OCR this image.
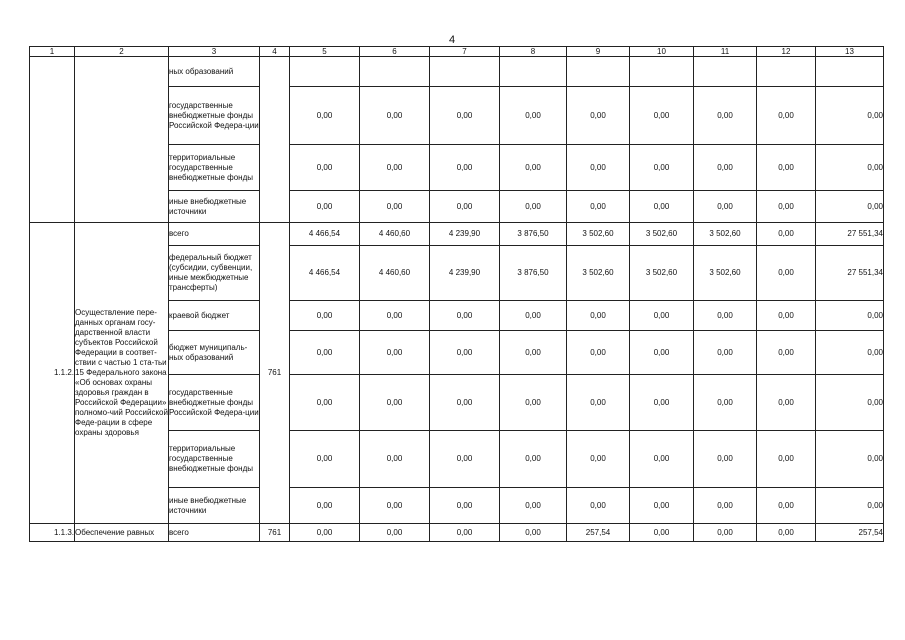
4
1	2	3	4	5	6	7	8	9	10	11	12	13
		ных образований										
		государственные внебюджетные фонды Российской Федера-ции		0,00	0,00	0,00	0,00	0,00	0,00	0,00	0,00	0,00
		территориальные государственные внебюджетные фонды		0,00	0,00	0,00	0,00	0,00	0,00	0,00	0,00	0,00
		иные внебюджетные источники		0,00	0,00	0,00	0,00	0,00	0,00	0,00	0,00	0,00
1.1.2.	Осуществление пере-данных органам госу-дарственной власти субъектов Российской Федерации в соответ-ствии с частью 1 ста-тьи 15 Федерального закона «Об основах охраны здоровья граждан в Российской Федерации» полномо-чий Российской Феде-рации в сфере охраны здоровья	всего	761	4 466,54	4 460,60	4 239,90	3 876,50	3 502,60	3 502,60	3 502,60	0,00	27 551,34
		федеральный бюджет (субсидии, субвенции, иные межбюджетные трансферты)		4 466,54	4 460,60	4 239,90	3 876,50	3 502,60	3 502,60	3 502,60	0,00	27 551,34
		краевой бюджет		0,00	0,00	0,00	0,00	0,00	0,00	0,00	0,00	0,00
		бюджет муниципаль-ных образований		0,00	0,00	0,00	0,00	0,00	0,00	0,00	0,00	0,00
		государственные внебюджетные фонды Российской Федера-ции		0,00	0,00	0,00	0,00	0,00	0,00	0,00	0,00	0,00
		территориальные государственные внебюджетные фонды		0,00	0,00	0,00	0,00	0,00	0,00	0,00	0,00	0,00
		иные внебюджетные источники		0,00	0,00	0,00	0,00	0,00	0,00	0,00	0,00	0,00
1.1.3.	Обеспечение равных	всего	761	0,00	0,00	0,00	0,00	257,54	0,00	0,00	0,00	257,54
